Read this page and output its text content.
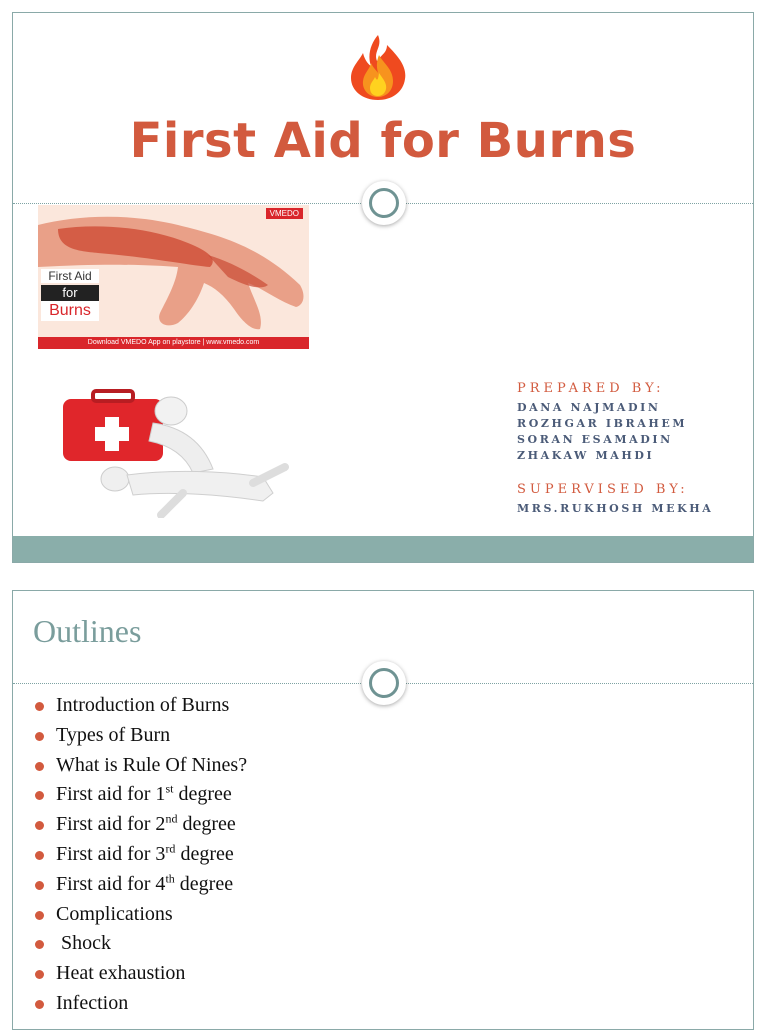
First Aid for Burns
VMEDO
First Aid
for
Burns
Download VMEDO App on playstore | www.vmedo.com
PREPARED BY:
DANA NAJMADIN
ROZHGAR IBRAHEM
SORAN ESAMADIN
ZHAKAW MAHDI
SUPERVISED BY:
MRS.RUKHOSH MEKHA
Outlines
Introduction of Burns
Types of Burn
What is Rule Of Nines?
First aid for 1st degree
First aid for 2nd degree
First aid for 3rd degree
First aid for 4th degree
Complications
Shock
Heat exhaustion
Infection
